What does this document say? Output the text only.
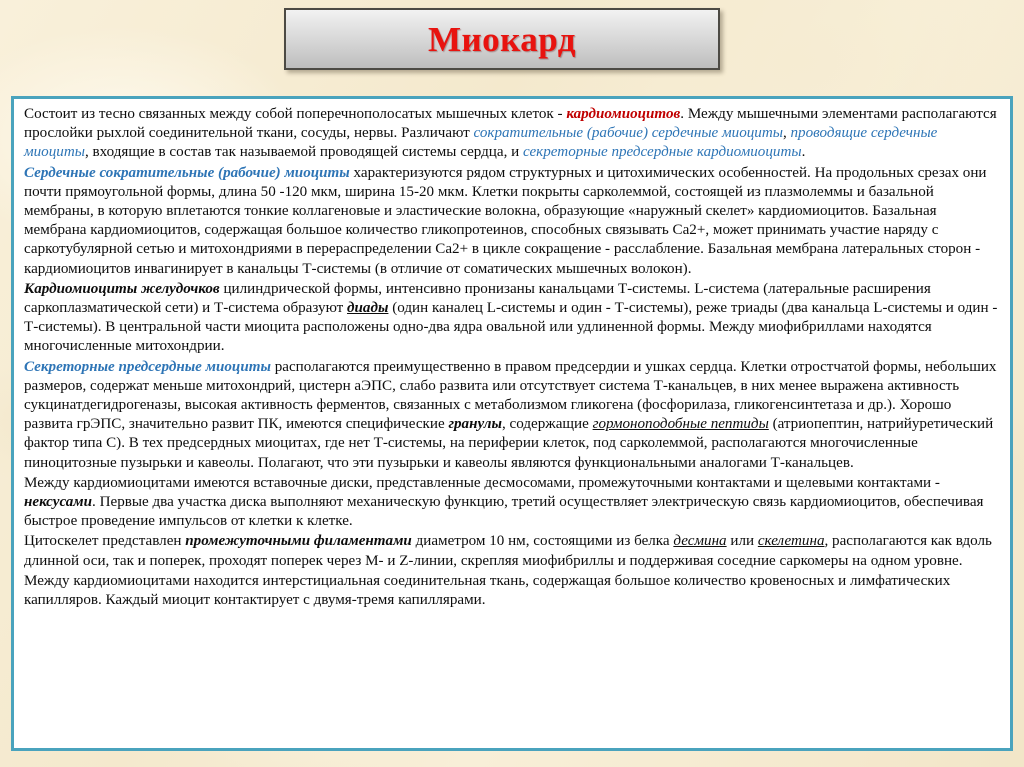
Миокард

Состоит из тесно связанных между собой поперечнополосатых мышечных клеток - кардиомиоцитов. Между мышечными элементами располагаются прослойки рыхлой соединительной ткани, сосуды, нервы. Различают сократительные (рабочие) сердечные миоциты, проводящие сердечные миоциты, входящие в состав так называемой проводящей системы сердца, и секреторные предсердные кардиомиоциты.

Сердечные сократительные (рабочие) миоциты характеризуются рядом структурных и цитохимических особенностей. На продольных срезах они почти прямоугольной формы, длина 50 -120 мкм, ширина 15-20 мкм. Клетки покрыты сарколеммой, состоящей из плазмолеммы и базальной мембраны, в которую вплетаются тонкие коллагеновые и эластические волокна, образующие «наружный скелет» кардиомиоцитов. Базальная мембрана кардиомиоцитов, содержащая большое количество гликопротеинов, способных связывать Ca2+, может принимать участие наряду с саркотубулярной сетью и митохондриями в перераспределении Ca2+ в цикле сокращение - расслабление. Базальная мембрана латеральных сторон - кардиомиоцитов инвагинирует в канальцы Т-системы (в отличие от соматических мышечных волокон).

Кардиомиоциты желудочков цилиндрической формы, интенсивно пронизаны канальцами Т-системы. L-система (латеральные расширения саркоплазматической сети) и Т-система образуют диады (один каналец L-системы и один - Т-системы), реже триады (два канальца L-системы и один - Т-системы). В центральной части миоцита расположены одно-два ядра овальной или удлиненной формы. Между миофибриллами находятся многочисленные митохондрии.

Секреторные предсердные миоциты располагаются преимущественно в правом предсердии и ушках сердца. Клетки отростчатой формы, небольших размеров, содержат меньше митохондрий, цистерн аЭПС, слабо развита или отсутствует система Т-канальцев, в них менее выражена активность сукцинатдегидрогеназы, высокая активность ферментов, связанных с метаболизмом гликогена (фосфорилаза, гликогенсинтетаза и др.). Хорошо развита грЭПС, значительно развит ПК, имеются специфические гранулы, содержащие гормоноподобные пептиды (атриопептин, натрийуретический фактор типа С). В тех предсердных миоцитах, где нет Т-системы, на периферии клеток, под сарколеммой, располагаются многочисленные пиноцитозные пузырьки и кавеолы. Полагают, что эти пузырьки и кавеолы являются функциональными аналогами Т-канальцев.

Между кардиомиоцитами имеются вставочные диски, представленные десмосомами, промежуточными контактами и щелевыми контактами - нексусами. Первые два участка диска выполняют механическую функцию, третий осуществляет электрическую связь кардиомиоцитов, обеспечивая быстрое проведение импульсов от клетки к клетке.

Цитоскелет представлен промежуточными филаментами диаметром 10 нм, состоящими из белка десмина или скелетина, располагаются как вдоль длинной оси, так и поперек, проходят поперек через M- и Z-линии, скрепляя миофибриллы и поддерживая соседние саркомеры на одном уровне.

Между кардиомиоцитами находится интерстициальная соединительная ткань, содержащая большое количество кровеносных и лимфатических капилляров. Каждый миоцит контактирует с двумя-тремя капиллярами.
